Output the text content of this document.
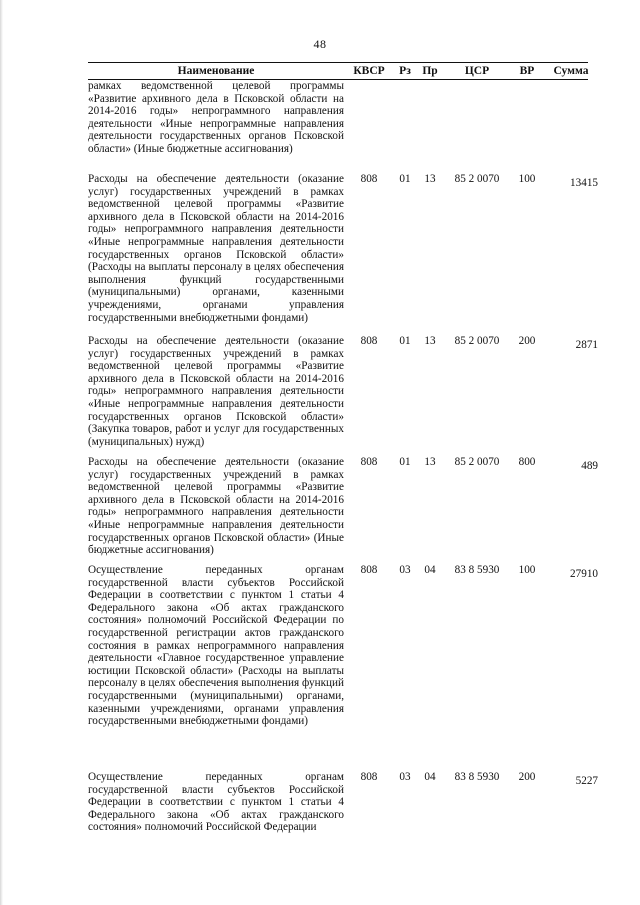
48
Наименование	КВСР	Рз	Пр	ЦСР	ВР	Сумма
рамках ведомственной целевой программы «Развитие архивного дела в Псковской области на 2014-2016 годы» непрограммного направления деятельности «Иные непрограммные направления деятельности государственных органов Псковской области» (Иные бюджетные ассигнования)
Расходы на обеспечение деятельности (оказание услуг) государственных учреждений в рамках ведомственной целевой программы «Развитие архивного дела в Псковской области на 2014-2016 годы» непрограммного направления деятельности «Иные непрограммные направления деятельности государственных органов Псковской области» (Расходы на выплаты персоналу в целях обеспечения выполнения функций государственными (муниципальными) органами, казенными учреждениями, органами управления государственными внебюджетными фондами)
808	01	13	85 2 0070	100	13415
Расходы на обеспечение деятельности (оказание услуг) государственных учреждений в рамках ведомственной целевой программы «Развитие архивного дела в Псковской области на 2014-2016 годы» непрограммного направления деятельности «Иные непрограммные направления деятельности государственных органов Псковской области» (Закупка товаров, работ и услуг для государственных (муниципальных) нужд)
808	01	13	85 2 0070	200	2871
Расходы на обеспечение деятельности (оказание услуг) государственных учреждений в рамках ведомственной целевой программы «Развитие архивного дела в Псковской области на 2014-2016 годы» непрограммного направления деятельности «Иные непрограммные направления деятельности государственных органов Псковской области» (Иные бюджетные ассигнования)
808	01	13	85 2 0070	800	489
Осуществление переданных органам государственной власти субъектов Российской Федерации в соответствии с пунктом 1 статьи 4 Федерального закона «Об актах гражданского состояния» полномочий Российской Федерации по государственной регистрации актов гражданского состояния в рамках непрограммного направления деятельности «Главное государственное управление юстиции Псковской области» (Расходы на выплаты персоналу в целях обеспечения выполнения функций государственными (муниципальными) органами, казенными учреждениями, органами управления государственными внебюджетными фондами)
808	03	04	83 8 5930	100	27910
Осуществление переданных органам государственной власти субъектов Российской Федерации в соответствии с пунктом 1 статьи 4 Федерального закона «Об актах гражданского состояния» полномочий Российской Федерации
808	03	04	83 8 5930	200	5227
